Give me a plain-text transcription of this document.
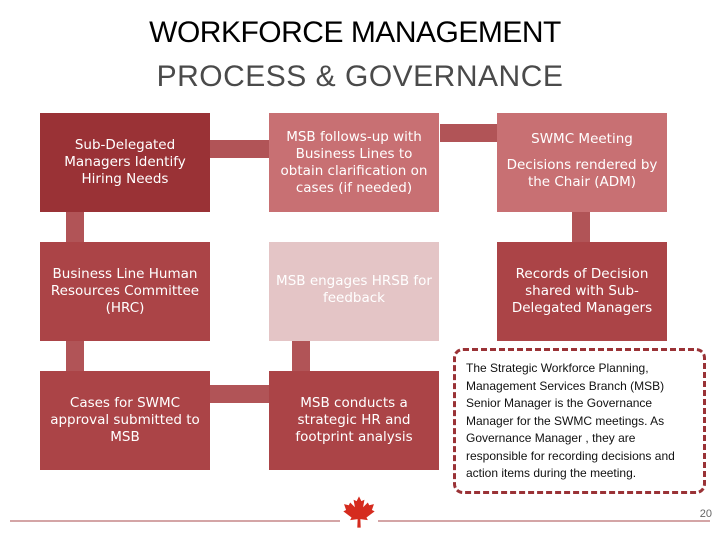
WORKFORCE MANAGEMENT
PROCESS & GOVERNANCE
Sub-Delegated Managers Identify Hiring Needs
MSB follows-up with Business Lines to obtain clarification on cases (if needed)
SWMC Meeting
Decisions rendered by the Chair (ADM)
Business Line Human Resources Committee (HRC)
MSB engages HRSB for feedback
Records of Decision shared with Sub-Delegated Managers
Cases for SWMC approval submitted to MSB
MSB conducts a strategic HR and footprint analysis
The Strategic Workforce Planning, Management Services Branch (MSB) Senior Manager is the Governance Manager for the SWMC meetings. As Governance Manager , they are responsible for recording decisions and action items during the meeting.
20
